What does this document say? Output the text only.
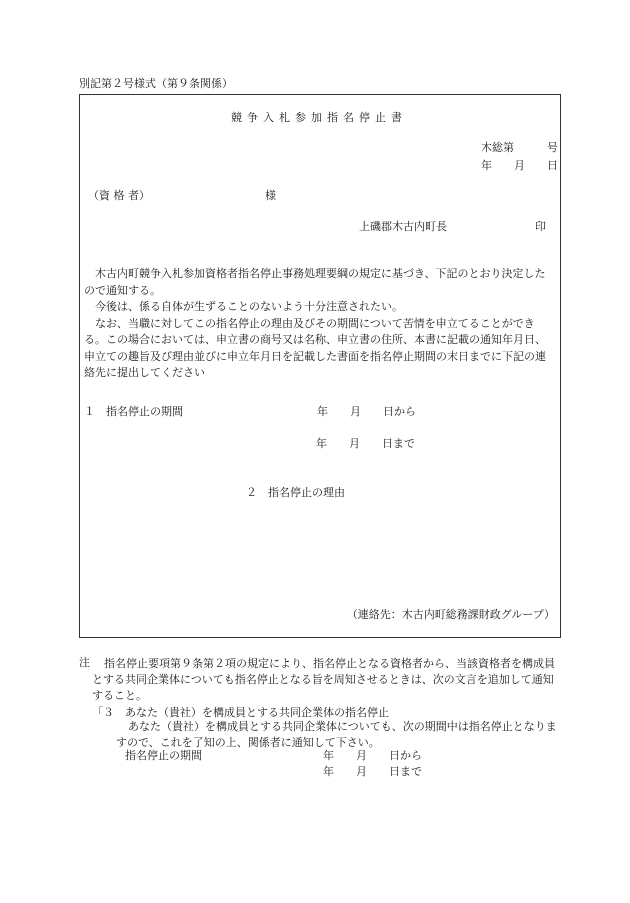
別記第２号様式（第９条関係）
競争入札参加指名停止書
木総第　　　号
年　　月　　日
（資 格 者）	様
上磯郡木古内町長	印

木古内町競争入札参加資格者指名停止事務処理要綱の規定に基づき、下記のとおり決定したので通知する。

今後は、係る自体が生ずることのないよう十分注意されたい。

なお、当職に対してこの指名停止の理由及びその期間について苦情を申立てることができる。この場合においては、申立書の商号又は名称、申立書の住所、本書に記載の通知年月日、申立ての趣旨及び理由並びに申立年月日を記載した書面を指名停止期間の末日までに下記の連絡先に提出してください

１　指名停止の期間	年　　月　　日から
年　　月　　日まで
２　指名停止の理由
（連絡先：木古内町総務課財政グループ）
注	指名停止要項第９条第２項の規定により、指名停止となる資格者から、当該資格者を構成員とする共同企業体についても指名停止となる旨を周知させるときは、次の文言を追加して通知すること。
「３　あなた（貴社）を構成員とする共同企業体の指名停止
あなた（貴社）を構成員とする共同企業体についても、次の期間中は指名停止となりますので、これを了知の上、関係者に通知して下さい。
指名停止の期間	年　　月　　日から
年　　月　　日まで
